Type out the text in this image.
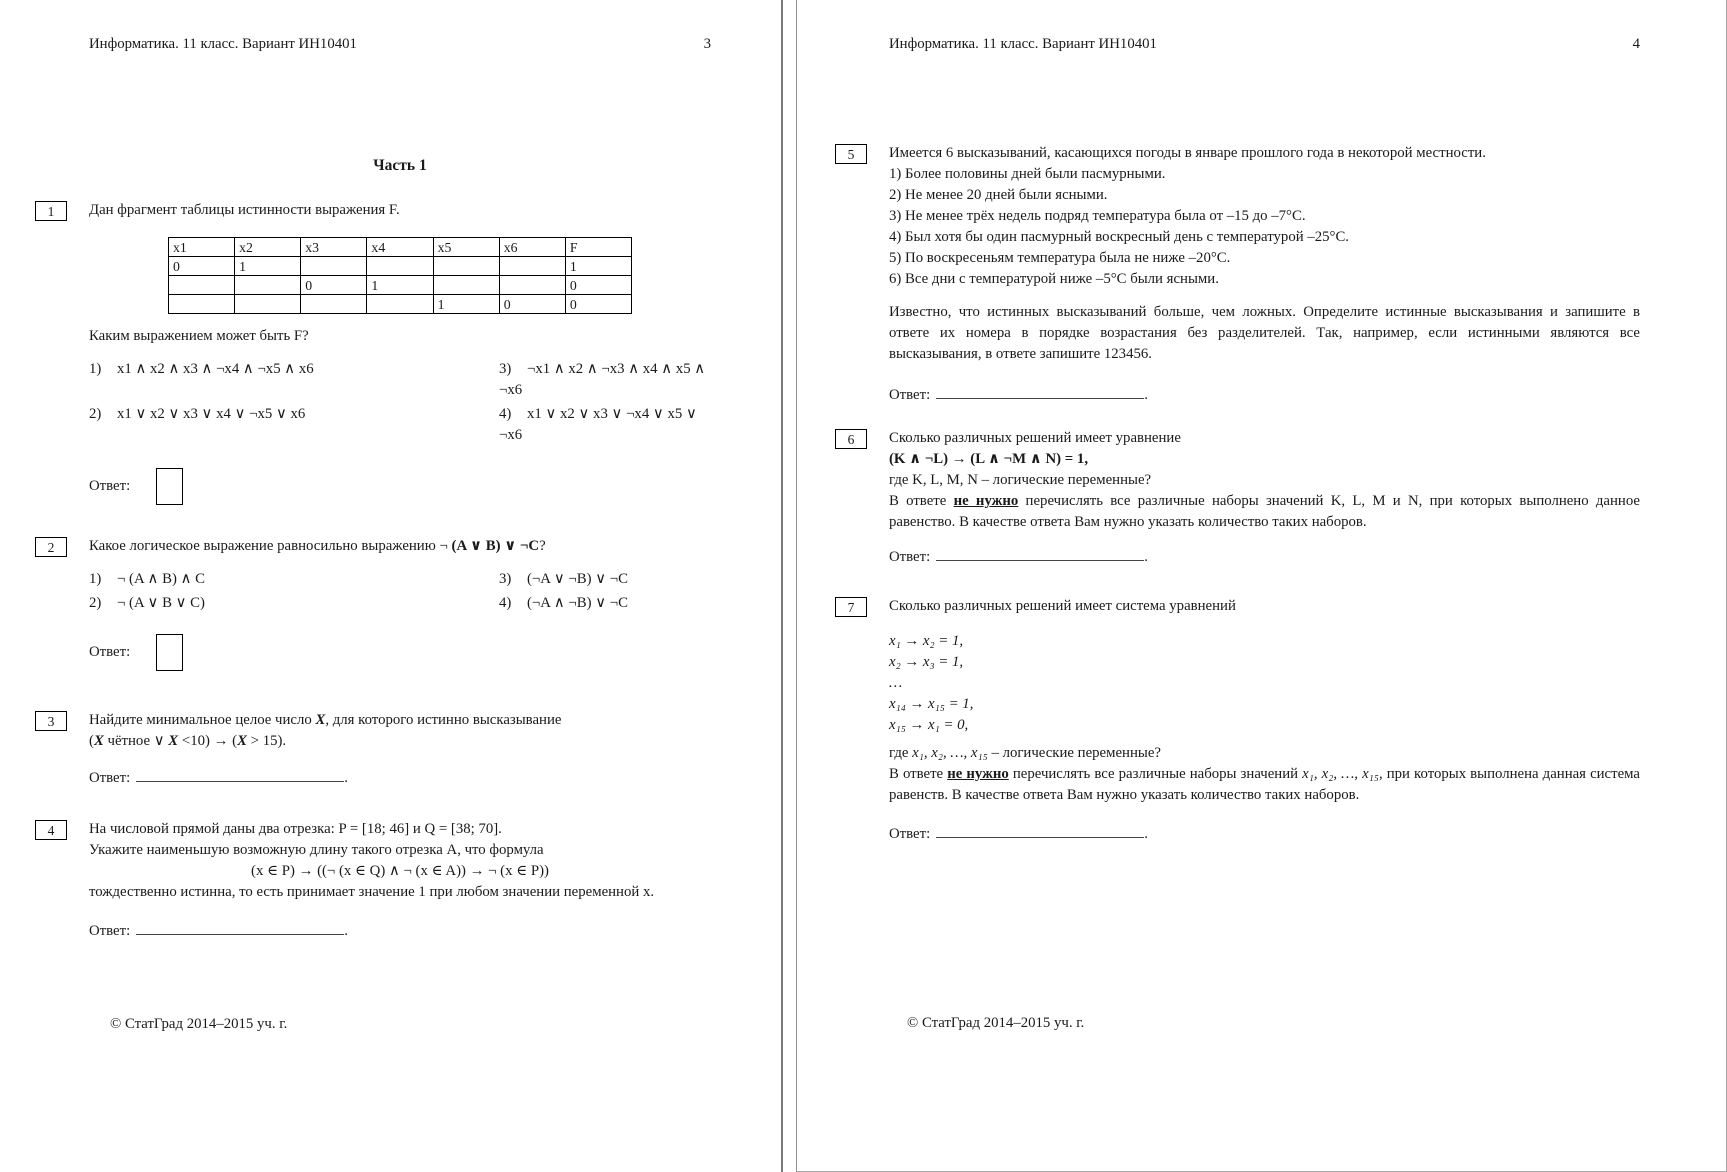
Информатика. 11 класс. Вариант ИН10401	3
Часть 1
1	Дан фрагмент таблицы истинности выражения F.

x1	x2	x3	x4	x5	x6	F
0	1					1
		0	1			0
				1	0	0

Каким выражением может быть F?

1) x1 ∧ x2 ∧ x3 ∧ ¬x4 ∧ ¬x5 ∧ x6	3) ¬x1 ∧ x2 ∧ ¬x3 ∧ x4 ∧ x5 ∧ ¬x6
2) x1 ∨ x2 ∨ x3 ∨ x4 ∨ ¬x5 ∨ x6	4) x1 ∨ x2 ∨ x3 ∨ ¬x4 ∨ x5 ∨ ¬x6
Ответ:
2	Какое логическое выражение равносильно выражению ¬ (A ∨ B) ∨ ¬C?

1) ¬ (A ∧ B) ∧ C	3) (¬A ∨ ¬B) ∨ ¬C
2) ¬ (A ∨ B ∨ C)	4) (¬A ∧ ¬B) ∨ ¬C
Ответ:
3	Найдите минимальное целое число X, для которого истинно высказывание

(X чётное ∨ X <10) → (X > 15).

Ответ:	.
4	На числовой прямой даны два отрезка: P = [18; 46] и Q = [38; 70].

Укажите наименьшую возможную длину такого отрезка А, что формула

(x ∈ P) → ((¬ (x ∈ Q) ∧ ¬ (x ∈ A)) → ¬ (x ∈ P))

тождественно истинна, то есть принимает значение 1 при любом значении переменной х.

Ответ:	.
© СтатГрад 2014–2015 уч. г.
Информатика. 11 класс. Вариант ИН10401	4
5	Имеется 6 высказываний, касающихся погоды в январе прошлого года в некоторой местности.

1) Более половины дней были пасмурными.

2) Не менее 20 дней были ясными.

3) Не менее трёх недель подряд температура была от –15 до –7°С.

4) Был хотя бы один пасмурный воскресный день с температурой –25°С.

5) По воскресеньям температура была не ниже –20°С.

6) Все дни с температурой ниже –5°С были ясными.

Известно, что истинных высказываний больше, чем ложных. Определите истинные высказывания и запишите в ответе их номера в порядке возрастания без разделителей. Так, например, если истинными являются все высказывания, в ответе запишите 123456.

Ответ:	.
6	Сколько различных решений имеет уравнение

(K ∧ ¬L) → (L ∧ ¬M ∧ N) = 1,

где K, L, M, N – логические переменные?

В ответе не нужно перечислять все различные наборы значений K, L, M и N, при которых выполнено данное равенство. В качестве ответа Вам нужно указать количество таких наборов.

Ответ:	.
7	Сколько различных решений имеет система уравнений

x₁ → x₂ = 1,

x₂ → x₃ = 1,

…

x₁₄ → x₁₅ = 1,

x₁₅ → x₁ = 0,

где x₁, x₂, …, x₁₅ – логические переменные?

В ответе не нужно перечислять все различные наборы значений x₁, x₂, …, x₁₅, при которых выполнена данная система равенств. В качестве ответа Вам нужно указать количество таких наборов.

Ответ:	.
© СтатГрад 2014–2015 уч. г.
